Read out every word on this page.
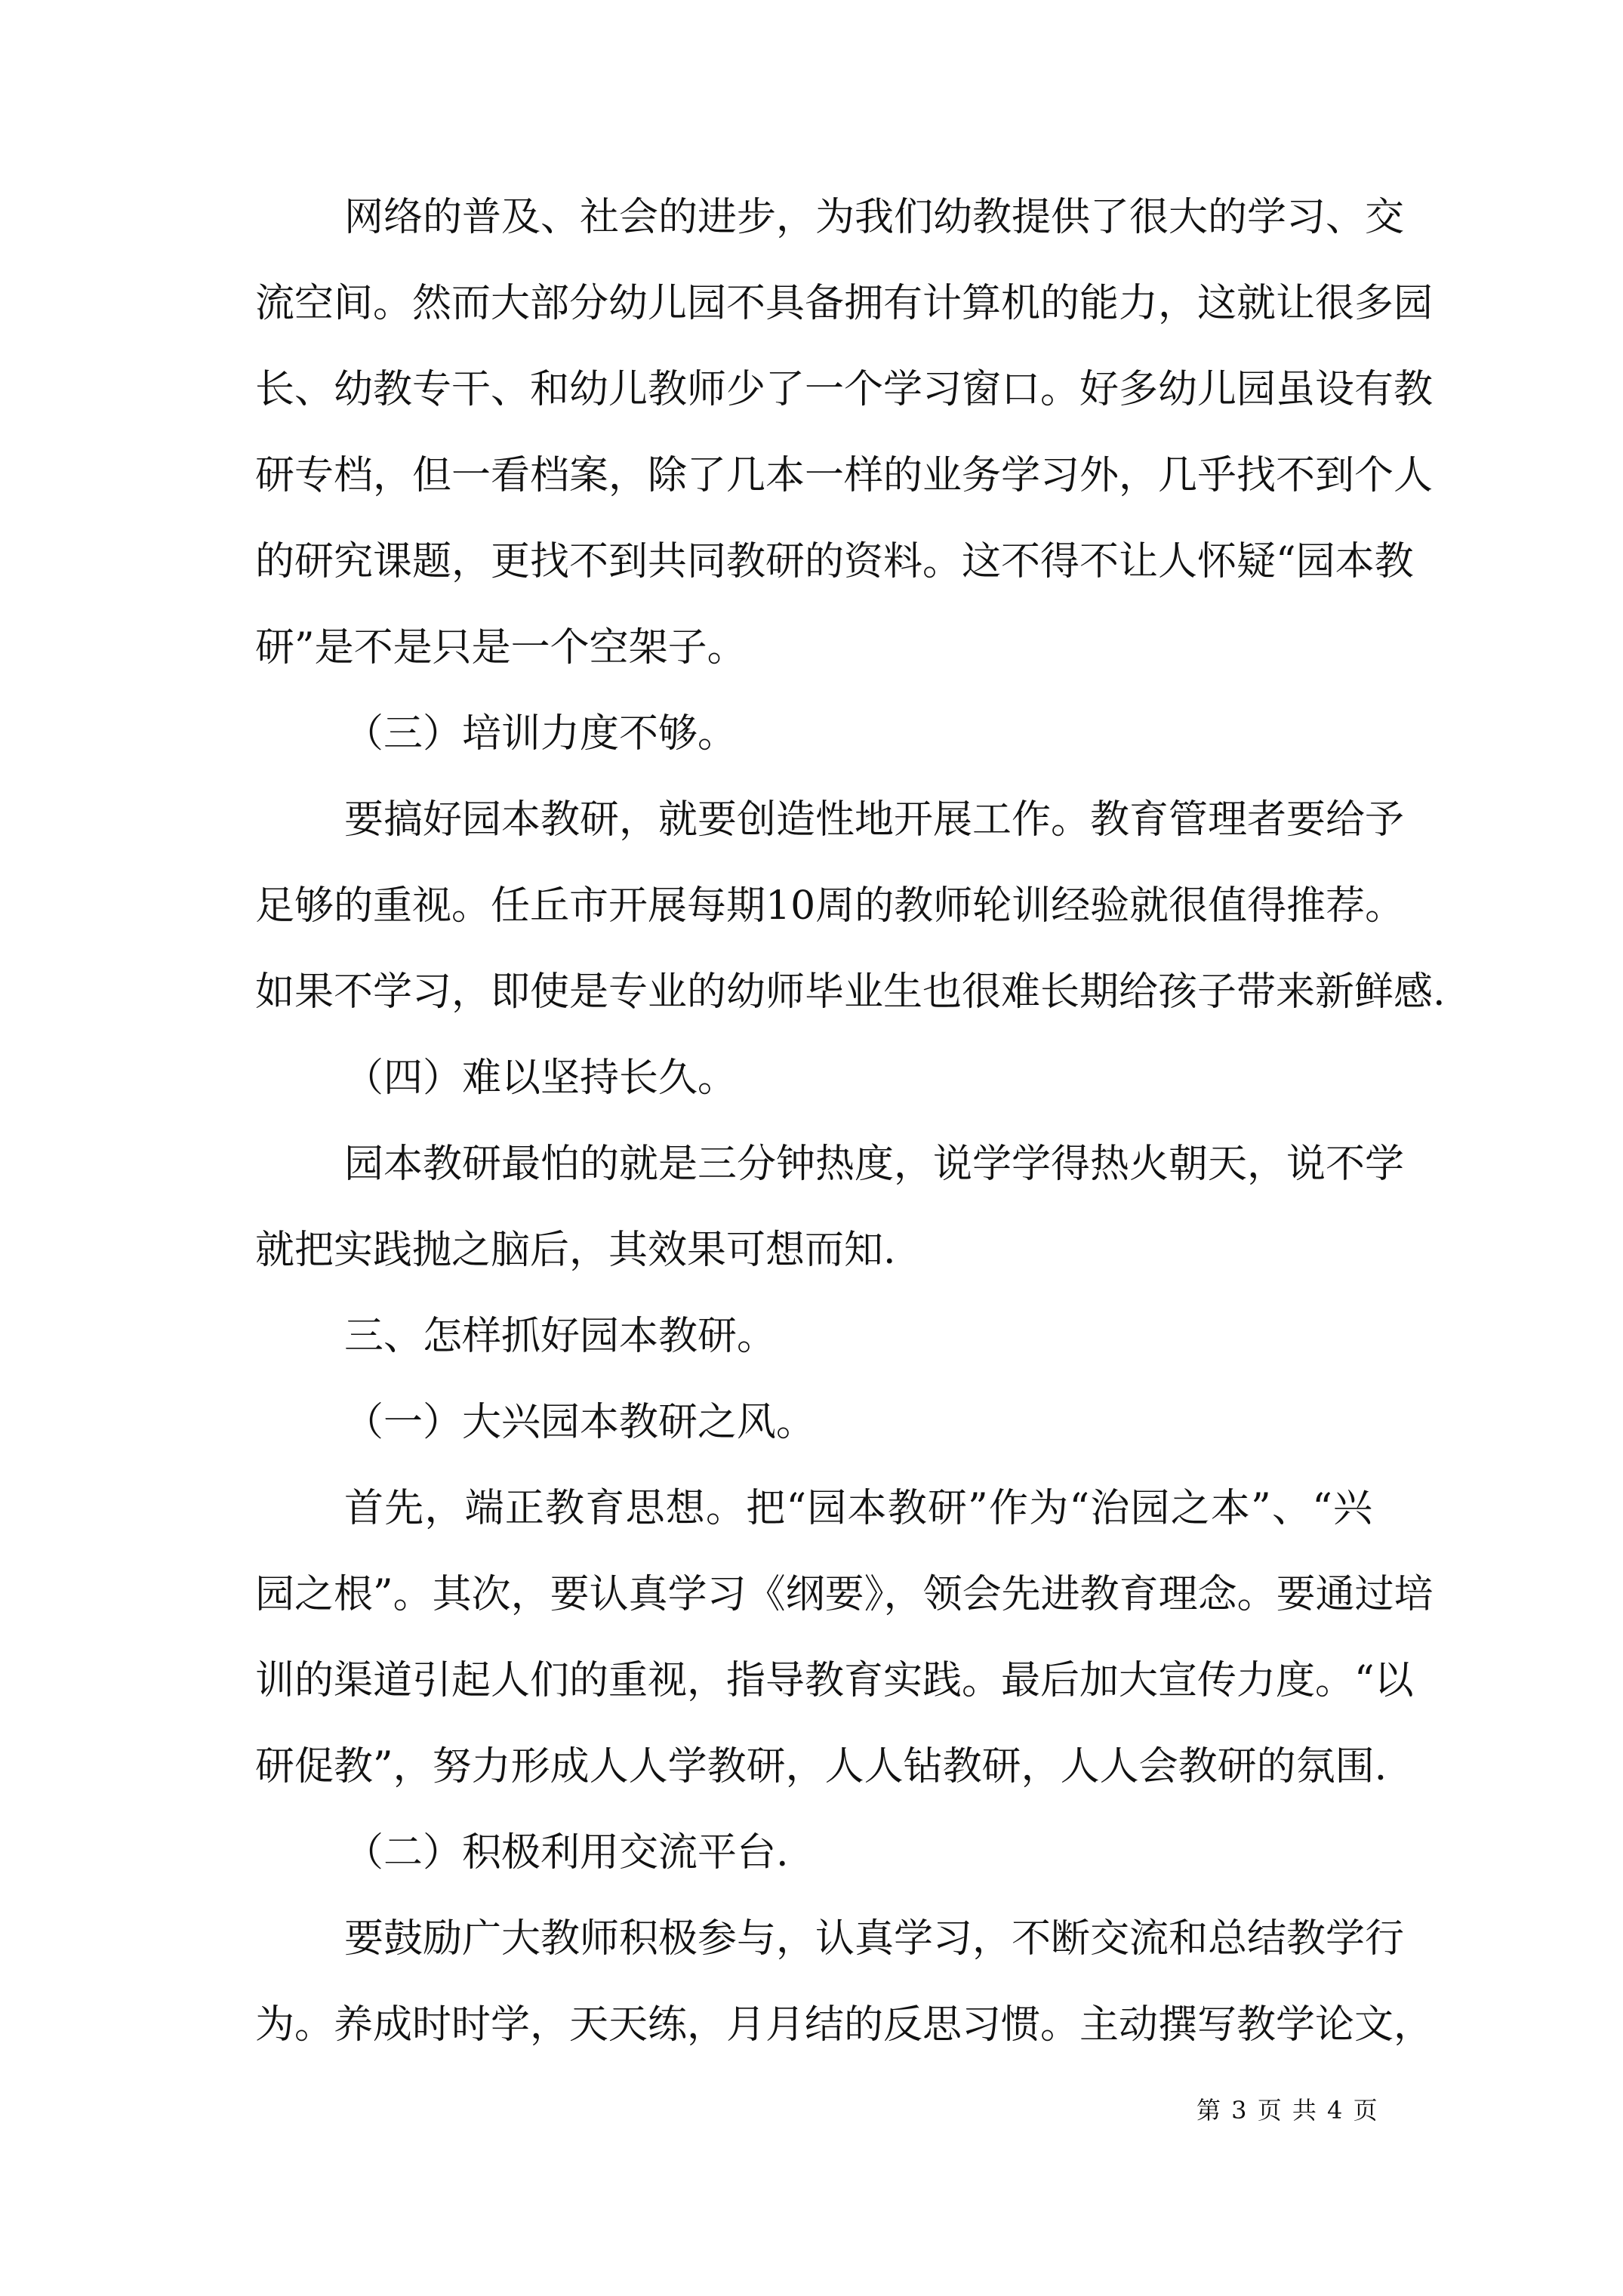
网络的普及、社会的进步，为我们幼教提供了很大的学习、交
流空间。然而大部分幼儿园不具备拥有计算机的能力，这就让很多园
长、幼教专干、和幼儿教师少了一个学习窗口。好多幼儿园虽设有教
研专档，但一看档案，除了几本一样的业务学习外，几乎找不到个人
的研究课题，更找不到共同教研的资料。这不得不让人怀疑“园本教
研”是不是只是一个空架子。
（三）培训力度不够。
要搞好园本教研，就要创造性地开展工作。教育管理者要给予
足够的重视。任丘市开展每期10周的教师轮训经验就很值得推荐。
如果不学习，即使是专业的幼师毕业生也很难长期给孩子带来新鲜感.
（四）难以坚持长久。
园本教研最怕的就是三分钟热度，说学学得热火朝天，说不学
就把实践抛之脑后，其效果可想而知.
三、怎样抓好园本教研。
（一）大兴园本教研之风。
首先，端正教育思想。把“园本教研”作为“治园之本”、“兴
园之根”。其次，要认真学习《纲要》，领会先进教育理念。要通过培
训的渠道引起人们的重视，指导教育实践。最后加大宣传力度。“以
研促教”，努力形成人人学教研，人人钻教研，人人会教研的氛围.
（二）积极利用交流平台.
要鼓励广大教师积极参与，认真学习，不断交流和总结教学行
为。养成时时学，天天练，月月结的反思习惯。主动撰写教学论文，
第 3 页 共 4 页
